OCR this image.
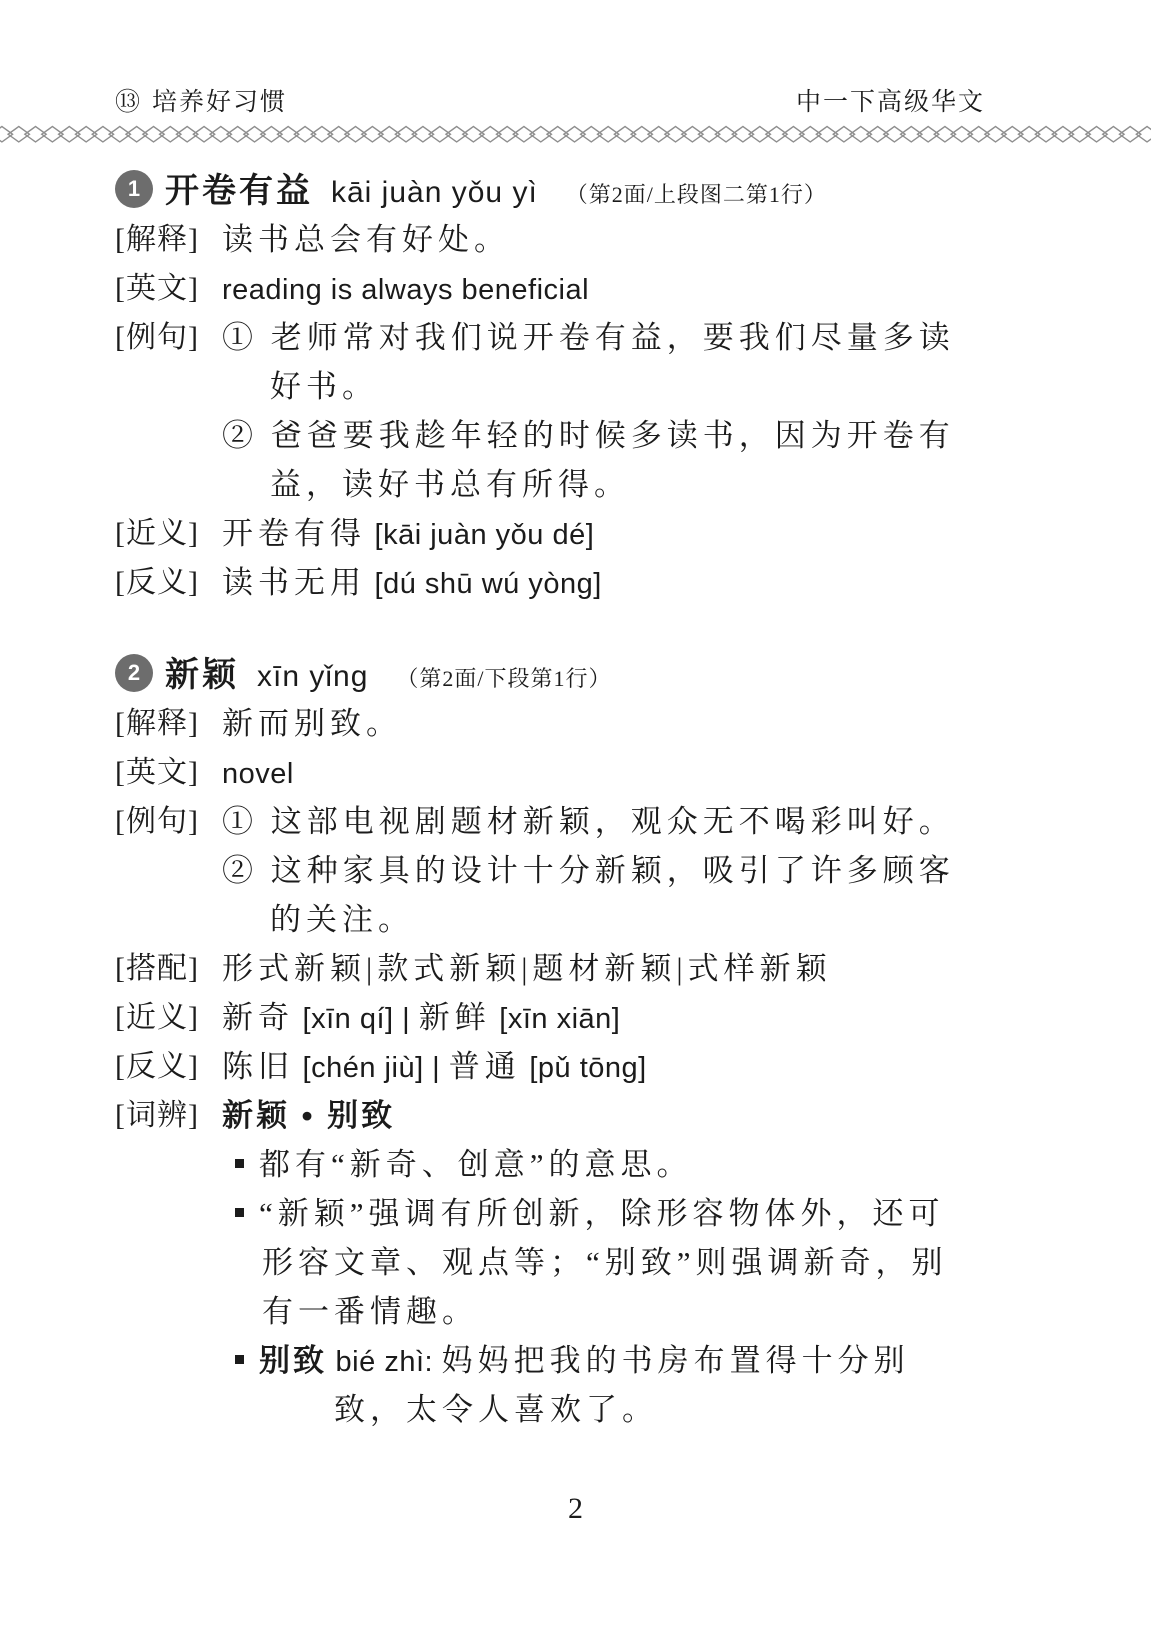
⑬ 培养好习惯	中一下高级华文
◇◇◇◇◇◇◇◇◇◇◇◇◇◇◇◇◇◇◇◇◇◇◇◇◇◇◇◇◇◇◇◇◇◇◇◇◇◇◇◇◇◇◇◇◇◇◇◇◇◇◇◇◇◇◇◇◇◇◇◇◇◇◇◇◇◇◇◇◇◇◇◇◇◇◇◇◇◇◇◇
1 开卷有益 kāi juàn yǒu yì （第2面/上段图二第1行）
[解释] 读书总会有好处。
[英文] reading is always beneficial
[例句] ① 老师常对我们说开卷有益，要我们尽量多读
好书。
② 爸爸要我趁年轻的时候多读书，因为开卷有
益，读好书总有所得。
[近义] 开卷有得 [kāi juàn yǒu dé]
[反义] 读书无用 [dú shū wú yòng]
2 新颖 xīn yǐng （第2面/下段第1行）
[解释] 新而别致。
[英文] novel
[例句] ① 这部电视剧题材新颖，观众无不喝彩叫好。
② 这种家具的设计十分新颖，吸引了许多顾客
的关注。
[搭配] 形式新颖|款式新颖|题材新颖|式样新颖
[近义] 新奇 [xīn qí] | 新鲜 [xīn xiān]
[反义] 陈旧 [chén jiù] | 普通 [pǔ tōng]
[词辨] 新颖 • 别致
都有“新奇、创意”的意思。
“新颖”强调有所创新，除形容物体外，还可
形容文章、观点等；“别致”则强调新奇，别
有一番情趣。
别致 bié zhì: 妈妈把我的书房布置得十分别
致，太令人喜欢了。
2
